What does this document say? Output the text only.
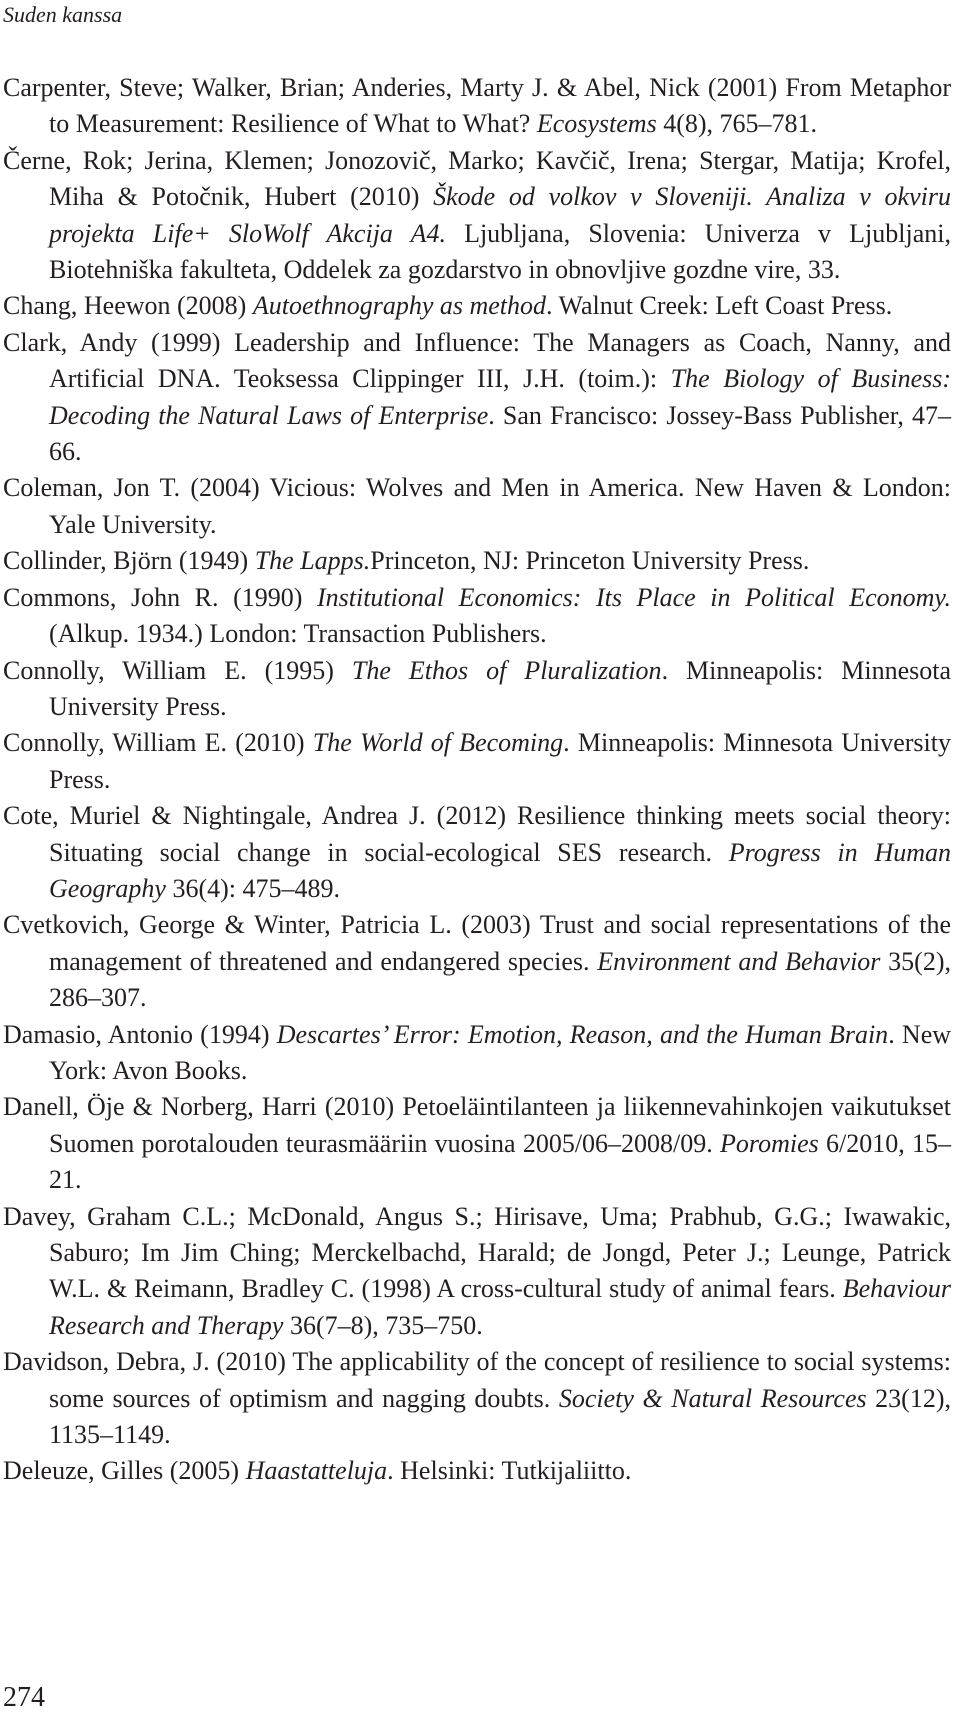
Suden kanssa

Carpenter, Steve; Walker, Brian; Anderies, Marty J. & Abel, Nick (2001) From Metaphor to Measurement: Resilience of What to What? Ecosystems 4(8), 765–781.

Černe, Rok; Jerina, Klemen; Jonozovič, Marko; Kavčič, Irena; Stergar, Matija; Krofel, Miha & Potočnik, Hubert (2010) Škode od volkov v Sloveniji. Analiza v okviru projekta Life+ SloWolf Akcija A4. Ljubljana, Slovenia: Univerza v Ljubljani, Biotehniška fakulteta, Oddelek za gozdarstvo in obnovljive gozdne vire, 33.

Chang, Heewon (2008) Autoethnography as method. Walnut Creek: Left Coast Press.

Clark, Andy (1999) Leadership and Influence: The Managers as Coach, Nanny, and Artificial DNA. Teoksessa Clippinger III, J.H. (toim.): The Biology of Business: Decoding the Natural Laws of Enterprise. San Francisco: Jossey-Bass Publisher, 47–66.

Coleman, Jon T. (2004) Vicious: Wolves and Men in America. New Haven & London: Yale University.

Collinder, Björn (1949) The Lapps.Princeton, NJ: Princeton University Press.

Commons, John R. (1990) Institutional Economics: Its Place in Political Economy. (Alkup. 1934.) London: Transaction Publishers.

Connolly, William E. (1995) The Ethos of Pluralization. Minneapolis: Minnesota University Press.

Connolly, William E. (2010) The World of Becoming. Minneapolis: Minnesota University Press.

Cote, Muriel & Nightingale, Andrea J. (2012) Resilience thinking meets social theory: Situating social change in social-ecological SES research. Progress in Human Geography 36(4): 475–489.

Cvetkovich, George & Winter, Patricia L. (2003) Trust and social representations of the management of threatened and endangered species. Environment and Behavior 35(2), 286–307.

Damasio, Antonio (1994) Descartes’ Error: Emotion, Reason, and the Human Brain. New York: Avon Books.

Danell, Öje & Norberg, Harri (2010) Petoeläintilanteen ja liikennevahinkojen vaikutukset Suomen porotalouden teurasmääriin vuosina 2005/06–2008/09. Poromies 6/2010, 15–21.

Davey, Graham C.L.; McDonald, Angus S.; Hirisave, Uma; Prabhub, G.G.; Iwawakic, Saburo; Im Jim Ching; Merckelbachd, Harald; de Jongd, Peter J.; Leunge, Patrick W.L. & Reimann, Bradley C. (1998) A cross-cultural study of animal fears. Behaviour Research and Therapy 36(7–8), 735–750.

Davidson, Debra, J. (2010) The applicability of the concept of resilience to social systems: some sources of optimism and nagging doubts. Society & Natural Resources 23(12), 1135–1149.

Deleuze, Gilles (2005) Haastatteluja. Helsinki: Tutkijaliitto.

274
